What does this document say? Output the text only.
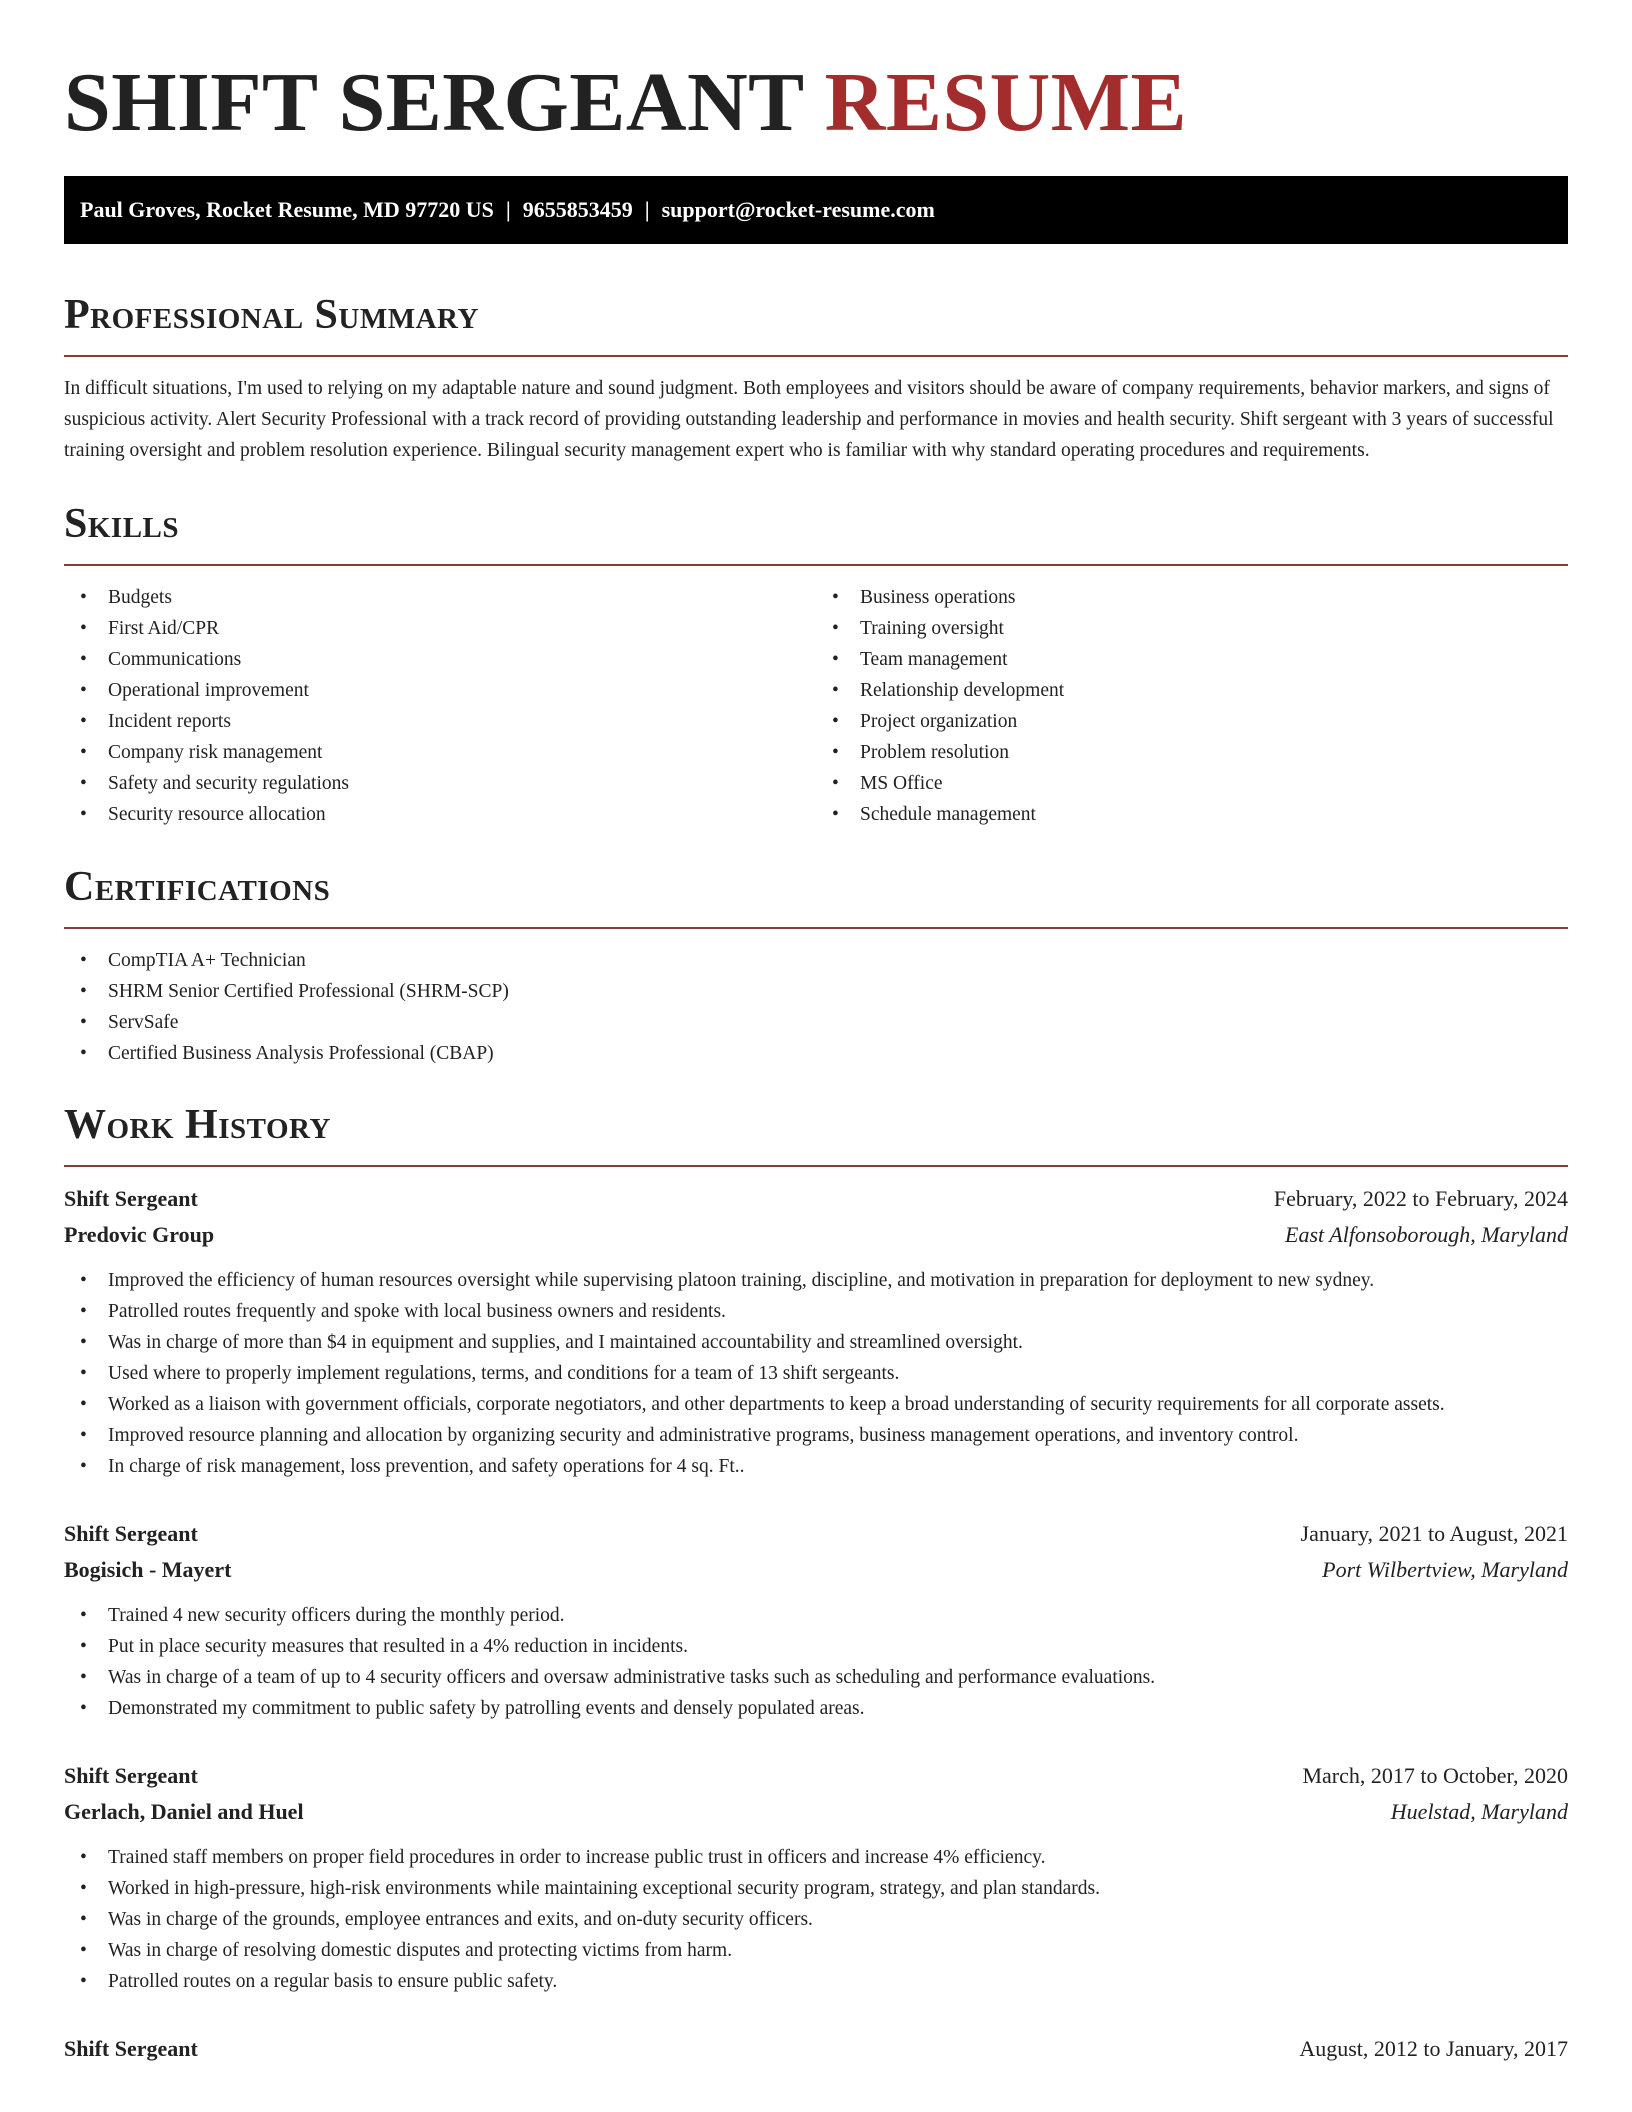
SHIFT SERGEANT RESUME
Paul Groves, Rocket Resume, MD 97720 US | 9655853459 | support@rocket-resume.com
Professional Summary

In difficult situations, I'm used to relying on my adaptable nature and sound judgment. Both employees and visitors should be aware of company requirements, behavior markers, and signs of suspicious activity. Alert Security Professional with a track record of providing outstanding leadership and performance in movies and health security. Shift sergeant with 3 years of successful training oversight and problem resolution experience. Bilingual security management expert who is familiar with why standard operating procedures and requirements.

Skills
• Budgets
• First Aid/CPR
• Communications
• Operational improvement
• Incident reports
• Company risk management
• Safety and security regulations
• Security resource allocation
• Business operations
• Training oversight
• Team management
• Relationship development
• Project organization
• Problem resolution
• MS Office
• Schedule management
Certifications
• CompTIA A+ Technician
• SHRM Senior Certified Professional (SHRM-SCP)
• ServSafe
• Certified Business Analysis Professional (CBAP)
Work History
Shift Sergeant	February, 2022 to February, 2024
Predovic Group	East Alfonsoborough, Maryland
• Improved the efficiency of human resources oversight while supervising platoon training, discipline, and motivation in preparation for deployment to new sydney.
• Patrolled routes frequently and spoke with local business owners and residents.
• Was in charge of more than $4 in equipment and supplies, and I maintained accountability and streamlined oversight.
• Used where to properly implement regulations, terms, and conditions for a team of 13 shift sergeants.
• Worked as a liaison with government officials, corporate negotiators, and other departments to keep a broad understanding of security requirements for all corporate assets.
• Improved resource planning and allocation by organizing security and administrative programs, business management operations, and inventory control.
• In charge of risk management, loss prevention, and safety operations for 4 sq. Ft..
Shift Sergeant	January, 2021 to August, 2021
Bogisich - Mayert	Port Wilbertview, Maryland
• Trained 4 new security officers during the monthly period.
• Put in place security measures that resulted in a 4% reduction in incidents.
• Was in charge of a team of up to 4 security officers and oversaw administrative tasks such as scheduling and performance evaluations.
• Demonstrated my commitment to public safety by patrolling events and densely populated areas.
Shift Sergeant	March, 2017 to October, 2020
Gerlach, Daniel and Huel	Huelstad, Maryland
• Trained staff members on proper field procedures in order to increase public trust in officers and increase 4% efficiency.
• Worked in high-pressure, high-risk environments while maintaining exceptional security program, strategy, and plan standards.
• Was in charge of the grounds, employee entrances and exits, and on-duty security officers.
• Was in charge of resolving domestic disputes and protecting victims from harm.
• Patrolled routes on a regular basis to ensure public safety.
Shift Sergeant	August, 2012 to January, 2017
